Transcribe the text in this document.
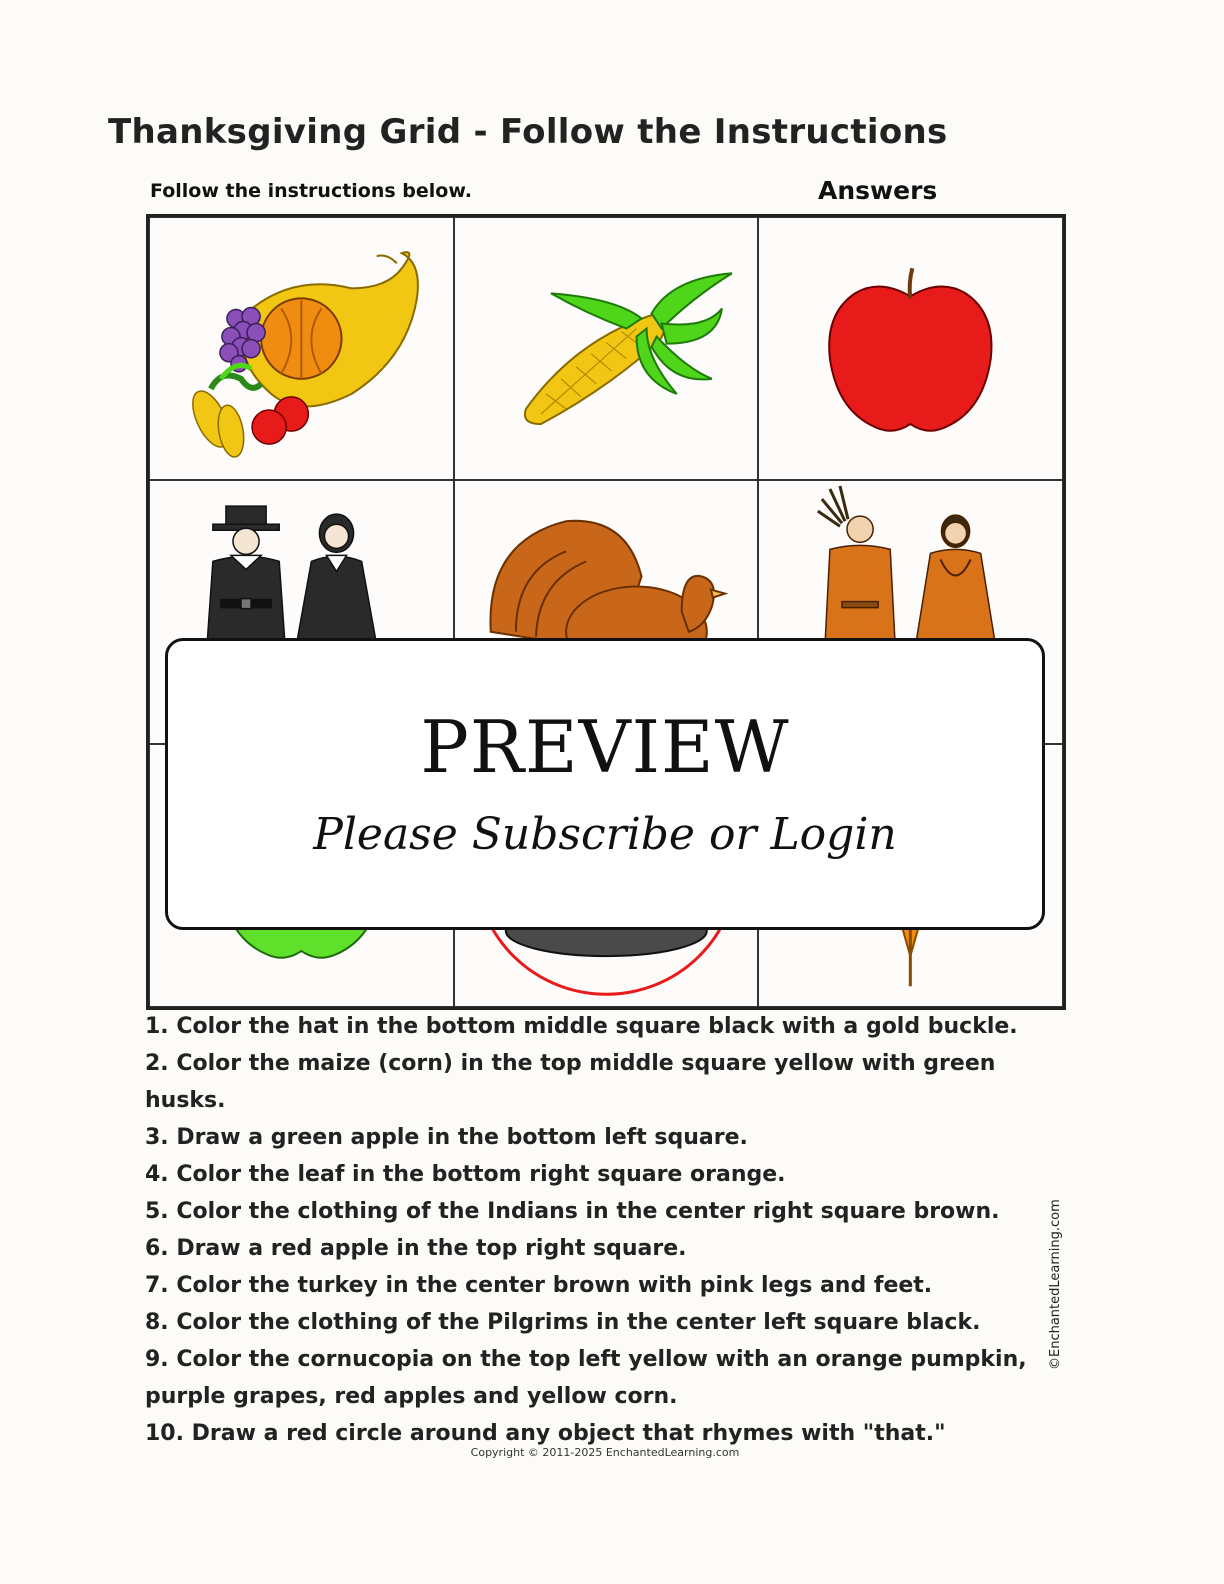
Thanksgiving Grid - Follow the Instructions
Follow the instructions below.	Answers
1. Color the hat in the bottom middle square black with a gold buckle.
2. Color the maize (corn) in the top middle square yellow with green husks.
3. Draw a green apple in the bottom left square.
4. Color the leaf in the bottom right square orange.
5. Color the clothing of the Indians in the center right square brown.
6. Draw a red apple in the top right square.
7. Color the turkey in the center brown with pink legs and feet.
8. Color the clothing of the Pilgrims in the center left square black.
9. Color the cornucopia on the top left yellow with an orange pumpkin, purple grapes, red apples and yellow corn.
10. Draw a red circle around any object that rhymes with "that."
©EnchantedLearning.com
Copyright © 2011-2025 EnchantedLearning.com
PREVIEW
Please Subscribe or Login
